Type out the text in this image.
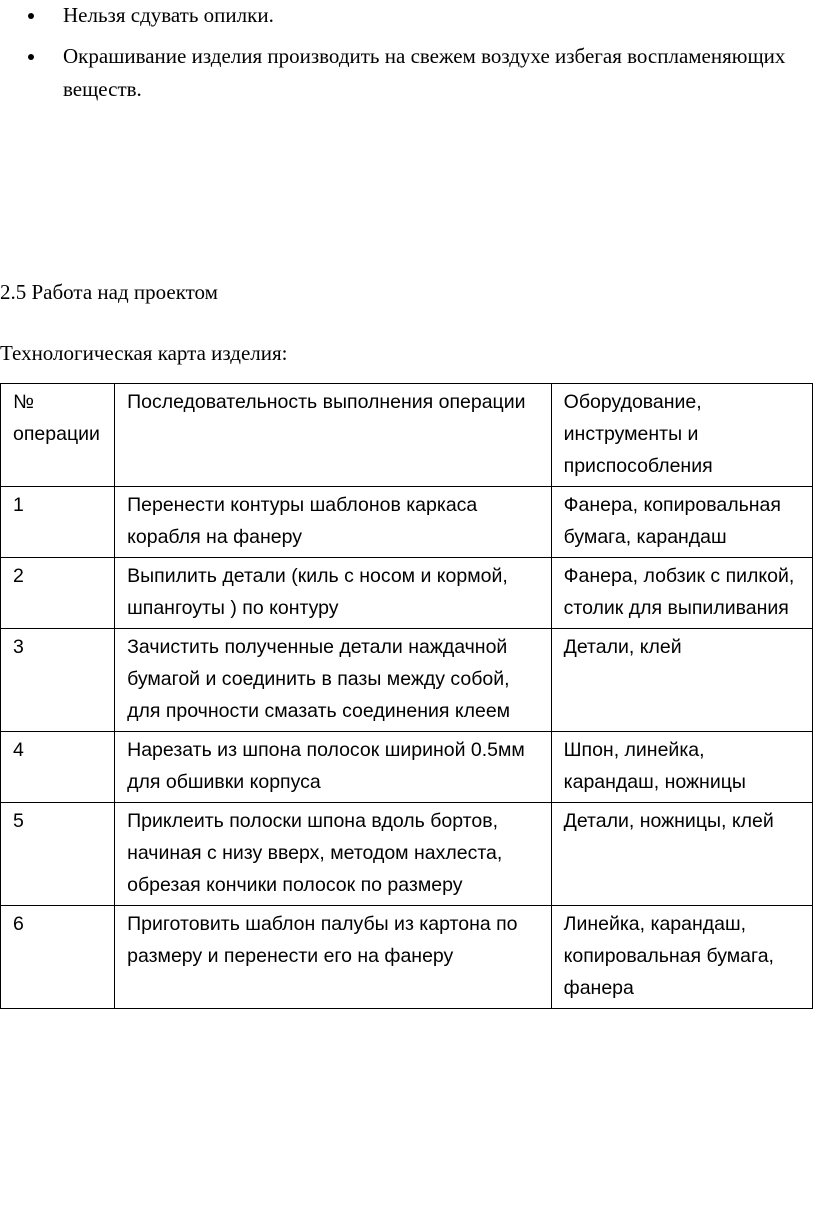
Нельзя сдувать опилки.
Окрашивание изделия производить на свежем воздухе избегая воспламеняющих веществ.
2.5 Работа над проектом
Технологическая карта изделия:
№ операции	Последовательность выполнения операции	Оборудование, инструменты и приспособления
1	Перенести контуры шаблонов каркаса корабля на фанеру	Фанера, копировальная бумага, карандаш
2	Выпилить детали (киль с носом и кормой, шпангоуты ) по контуру	Фанера, лобзик с пилкой, столик для выпиливания
3	Зачистить полученные детали наждачной бумагой и соединить в пазы между собой, для прочности смазать соединения клеем	Детали, клей
4	Нарезать из шпона полосок шириной 0.5мм для обшивки корпуса	Шпон, линейка, карандаш, ножницы
5	Приклеить полоски шпона вдоль бортов, начиная с низу вверх, методом нахлеста, обрезая кончики полосок по размеру	Детали, ножницы, клей
6	Приготовить шаблон палубы из картона по размеру и перенести его на фанеру	Линейка, карандаш, копировальная бумага, фанера
